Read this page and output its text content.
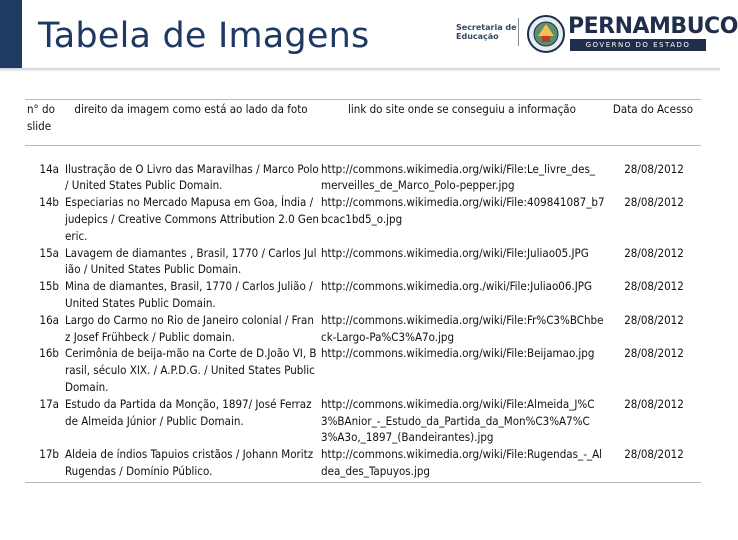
Tabela de Imagens	Secretaria de
Educação	PERNAMBUCO
GOVERNO DO ESTADO
n° do slide	direito da imagem como está ao lado da foto	link do site onde se conseguiu a informação	Data do Acesso
14a	Ilustração de O Livro das Maravilhas / Marco Polo / United States Public Domain.	http://commons.wikimedia.org/wiki/File:Le_livre_des_merveilles_de_Marco_Polo-pepper.jpg	28/08/2012
14b	Especiarias no Mercado Mapusa em Goa, Índia / judepics / Creative Commons Attribution 2.0 Generic.	http://commons.wikimedia.org/wiki/File:409841087_b7bcac1bd5_o.jpg	28/08/2012
15a	Lavagem de diamantes , Brasil, 1770 / Carlos Julião / United States Public Domain.	http://commons.wikimedia.org/wiki/File:Juliao05.JPG	28/08/2012
15b	Mina de diamantes, Brasil, 1770 / Carlos Julião / United States Public Domain.	http://commons.wikimedia.org./wiki/File:Juliao06.JPG	28/08/2012
16a	Largo do Carmo no Rio de Janeiro colonial / Franz Josef Frühbeck / Public domain.	http://commons.wikimedia.org/wiki/File:Fr%C3%BChbeck-Largo-Pa%C3%A7o.jpg	28/08/2012
16b	Cerimônia de beija-mão na Corte de D.João VI, Brasil, século XIX. / A.P.D.G. / United States Public Domain.	http://commons.wikimedia.org/wiki/File:Beijamao.jpg	28/08/2012
17a	Estudo da Partida da Monção, 1897/ José Ferraz de Almeida Júnior / Public Domain.	http://commons.wikimedia.org/wiki/File:Almeida_J%C3%BAnior_-_Estudo_da_Partida_da_Mon%C3%A7%C3%A3o,_1897_(Bandeirantes).jpg	28/08/2012
17b	Aldeia de índios Tapuios cristãos / Johann Moritz Rugendas / Domínio Público.	http://commons.wikimedia.org/wiki/File:Rugendas_-_Aldea_des_Tapuyos.jpg	28/08/2012
